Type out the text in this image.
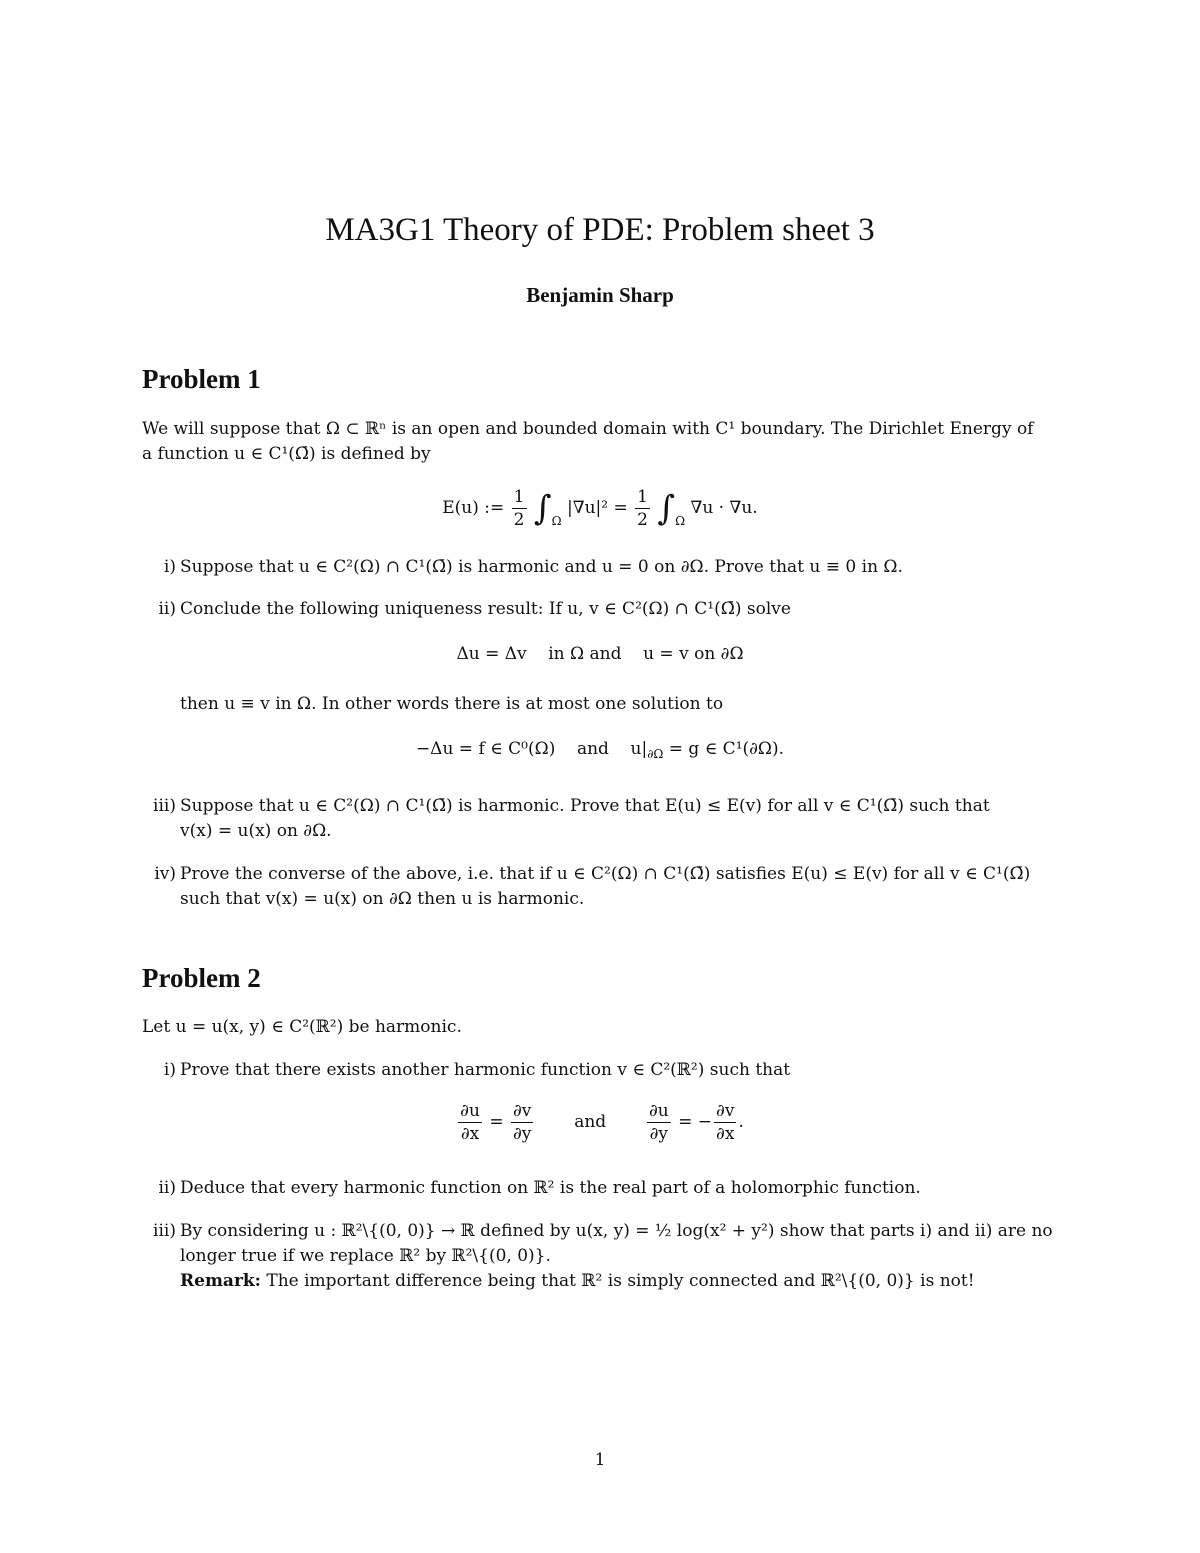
MA3G1 Theory of PDE: Problem sheet 3
Benjamin Sharp
Problem 1
We will suppose that Ω ⊂ ℝⁿ is an open and bounded domain with C¹ boundary. The Dirichlet Energy of
a function u ∈ C¹(Ω̄) is defined by
E(u) := $\frac{1}{2} \int_\Omega$ $|\nabla u|^2 = \frac{1}{2} \int_\Omega$ ∇u · ∇u.
i) Suppose that u ∈ C²(Ω) ∩ C¹(Ω̄) is harmonic and u = 0 on ∂Ω. Prove that u ≡ 0 in Ω.
ii) Conclude the following uniqueness result: If u, v ∈ C²(Ω) ∩ C¹(Ω̄) solve
Δu = Δv    in Ω and    u = v on ∂Ω
then u ≡ v in Ω. In other words there is at most one solution to
−Δu = f ∈ C⁰(Ω)    and    $u|_{\partial\Omega} = g$ ∈ C¹(∂Ω).
iii) Suppose that u ∈ C²(Ω) ∩ C¹(Ω̄) is harmonic. Prove that E(u) ≤ E(v) for all v ∈ C¹(Ω̄) such that
v(x) = u(x) on ∂Ω.
iv) Prove the converse of the above, i.e. that if u ∈ C²(Ω) ∩ C¹(Ω̄) satisfies E(u) ≤ E(v) for all v ∈ C¹(Ω̄)
such that v(x) = u(x) on ∂Ω then u is harmonic.
Problem 2
Let u = u(x, y) ∈ C²(ℝ²) be harmonic.
i) Prove that there exists another harmonic function v ∈ C²(ℝ²) such that
$\frac{\partial u}{\partial x} = \frac{\partial v}{\partial y}$ and $\frac{\partial u}{\partial y}$ = − $\frac{\partial v}{\partial x}$ .
ii) Deduce that every harmonic function on ℝ² is the real part of a holomorphic function.
iii) By considering u : ℝ²\{(0, 0)} → ℝ defined by u(x, y) = ½ log(x² + y²) show that parts i) and ii) are no
longer true if we replace ℝ² by ℝ²\{(0, 0)}.
Remark: The important difference being that ℝ² is simply connected and ℝ²\{(0, 0)} is not!
1
